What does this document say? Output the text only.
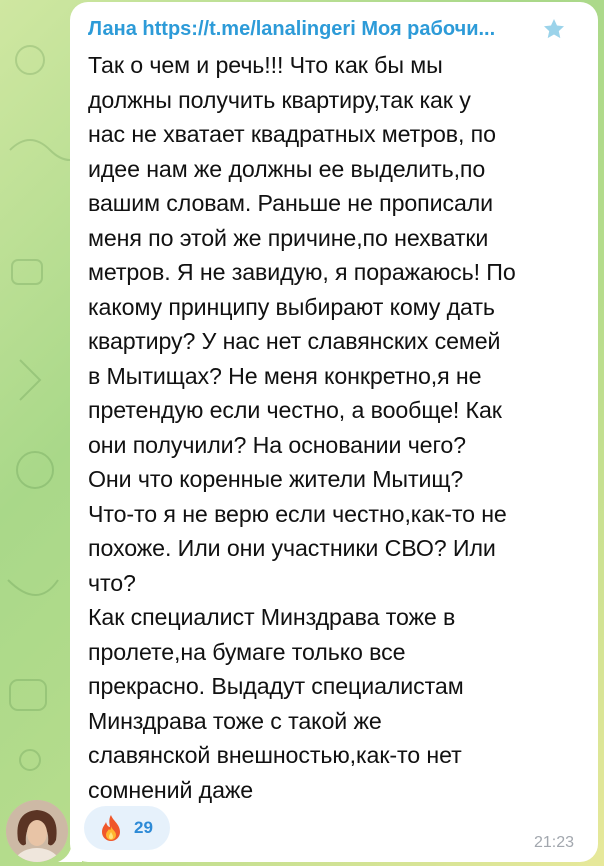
Лана https://t.me/lanalingeri Моя рабочи...

Так о чем и речь!!! Что как бы мы

должны получить квартиру,так как у

нас не хватает квадратных метров, по

идее нам же должны ее выделить,по

вашим словам. Раньше не прописали

меня по этой же причине,по нехватки

метров. Я не завидую, я поражаюсь! По

какому принципу выбирают кому дать

квартиру? У нас нет славянских семей

в Мытищах? Не меня конкретно,я не

претендую если честно, а вообще! Как

они получили? На основании чего?

Они что коренные жители Мытищ?

Что-то я не верю если честно,как-то не

похоже. Или они участники СВО? Или

что?

Как специалист Минздрава тоже в

пролете,на бумаге только все

прекрасно. Выдадут специалистам

Минздрава тоже с такой же

славянской внешностью,как-то нет

сомнений даже

29
21:23
